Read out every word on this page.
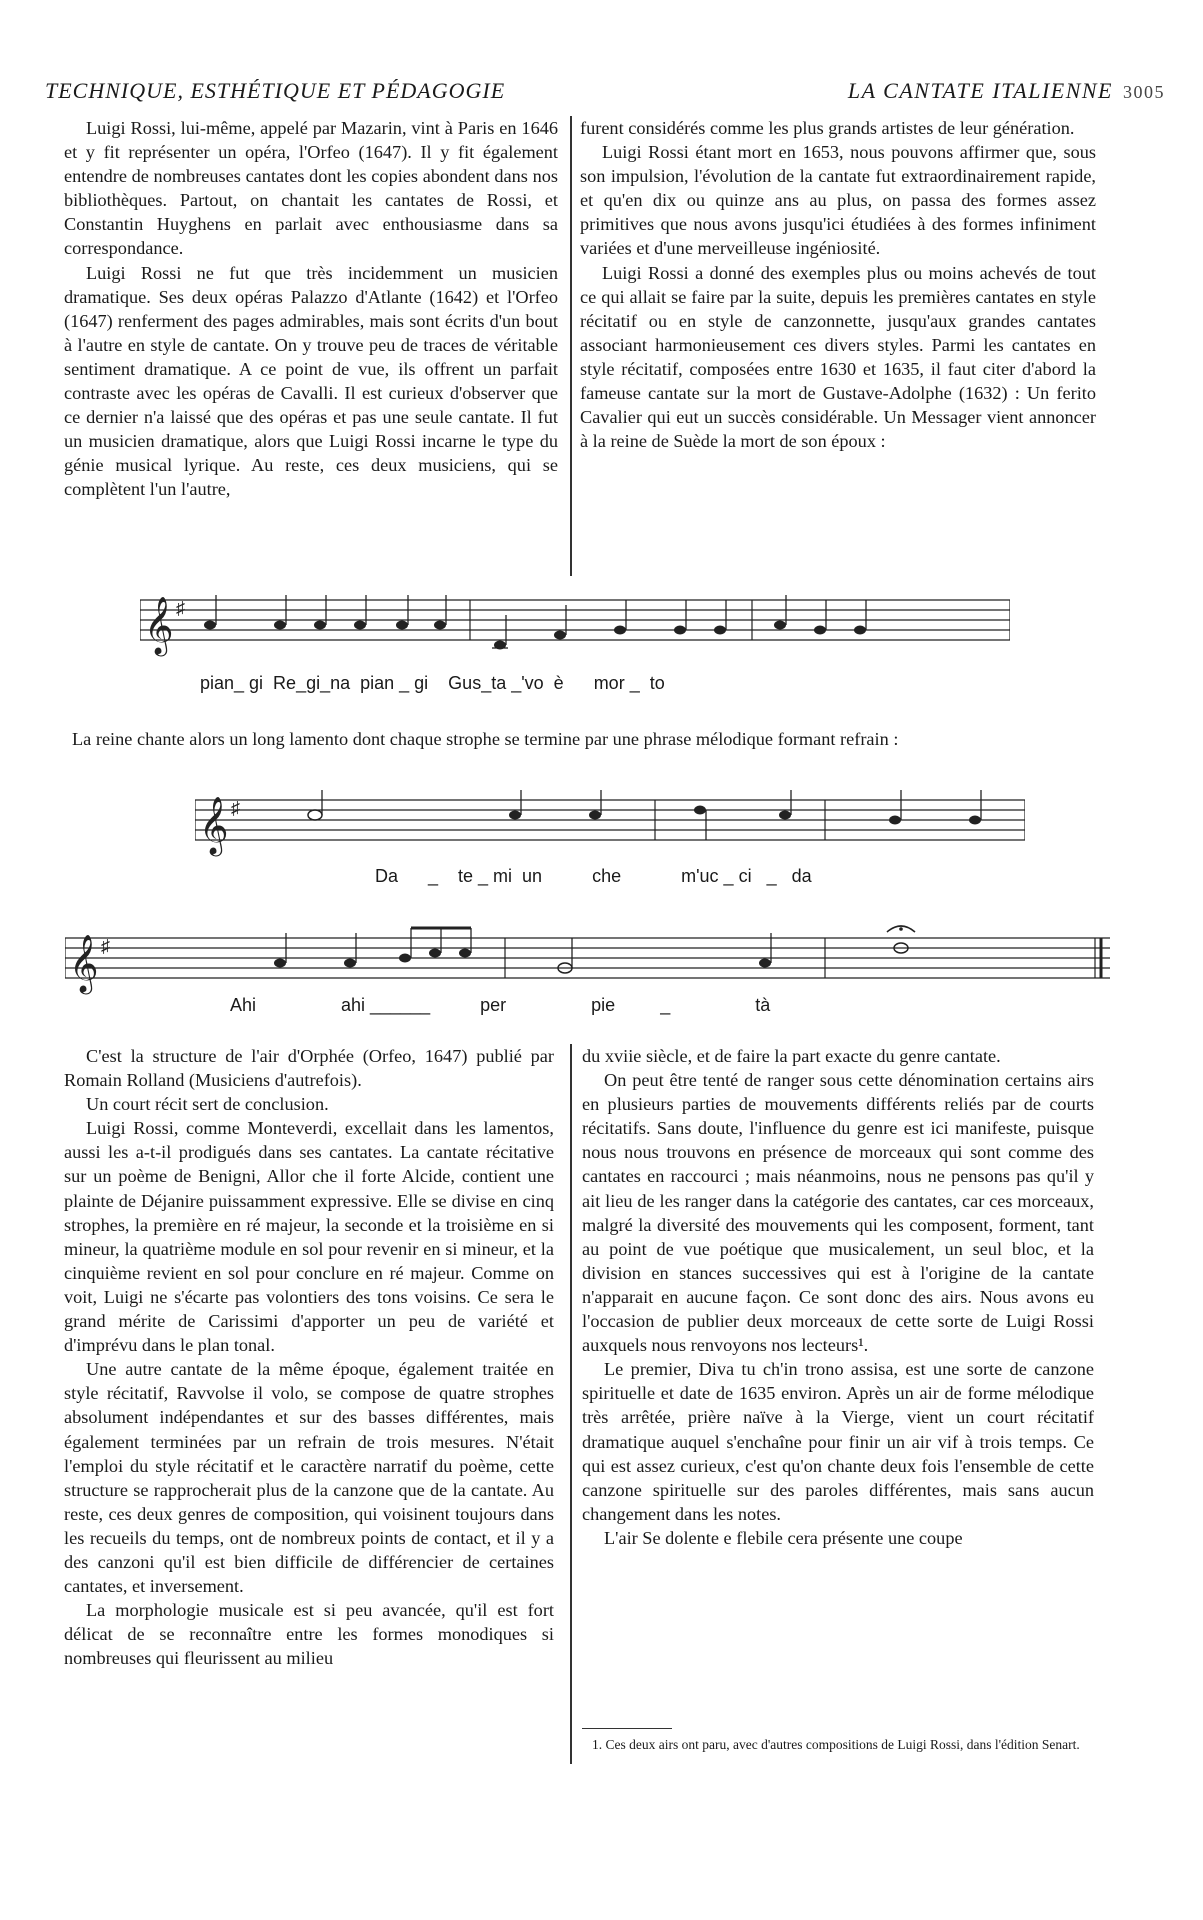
TECHNIQUE, ESTHÉTIQUE ET PÉDAGOGIE	LA CANTATE ITALIENNE 3005

Luigi Rossi, lui-même, appelé par Mazarin, vint à Paris en 1646 et y fit représenter un opéra, l'Orfeo (1647). Il y fit également entendre de nombreuses cantates dont les copies abondent dans nos bibliothèques. Partout, on chantait les cantates de Rossi, et Constantin Huyghens en parlait avec enthousiasme dans sa correspondance.

Luigi Rossi ne fut que très incidemment un musicien dramatique. Ses deux opéras Palazzo d'Atlante (1642) et l'Orfeo (1647) renferment des pages admirables, mais sont écrits d'un bout à l'autre en style de cantate. On y trouve peu de traces de véritable sentiment dramatique. A ce point de vue, ils offrent un parfait contraste avec les opéras de Cavalli. Il est curieux d'observer que ce dernier n'a laissé que des opéras et pas une seule cantate. Il fut un musicien dramatique, alors que Luigi Rossi incarne le type du génie musical lyrique. Au reste, ces deux musiciens, qui se complètent l'un l'autre,

furent considérés comme les plus grands artistes de leur génération.

Luigi Rossi étant mort en 1653, nous pouvons affirmer que, sous son impulsion, l'évolution de la cantate fut extraordinairement rapide, et qu'en dix ou quinze ans au plus, on passa des formes assez primitives que nous avons jusqu'ici étudiées à des formes infiniment variées et d'une merveilleuse ingéniosité.

Luigi Rossi a donné des exemples plus ou moins achevés de tout ce qui allait se faire par la suite, depuis les premières cantates en style récitatif ou en style de canzonnette, jusqu'aux grandes cantates associant harmonieusement ces divers styles. Parmi les cantates en style récitatif, composées entre 1630 et 1635, il faut citer d'abord la fameuse cantate sur la mort de Gustave-Adolphe (1632) : Un ferito Cavalier qui eut un succès considérable. Un Messager vient annoncer à la reine de Suède la mort de son époux :

𝄞 ♯
pian_ gi  Re_gi_na  pian _ gi    Gus_ta _'vo  è      mor _  to
La reine chante alors un long lamento dont chaque strophe se termine par une phrase mélodique formant refrain :
𝄞 ♯
Da      _    te _ mi  un          che            m'uc _ ci   _   da
𝄞 ♯
Ahi                 ahi ______          per                 pie         _                 tà

C'est la structure de l'air d'Orphée (Orfeo, 1647) publié par Romain Rolland (Musiciens d'autrefois).

Un court récit sert de conclusion.

Luigi Rossi, comme Monteverdi, excellait dans les lamentos, aussi les a-t-il prodigués dans ses cantates. La cantate récitative sur un poème de Benigni, Allor che il forte Alcide, contient une plainte de Déjanire puissamment expressive. Elle se divise en cinq strophes, la première en ré majeur, la seconde et la troisième en si mineur, la quatrième module en sol pour revenir en si mineur, et la cinquième revient en sol pour conclure en ré majeur. Comme on voit, Luigi ne s'écarte pas volontiers des tons voisins. Ce sera le grand mérite de Carissimi d'apporter un peu de variété et d'imprévu dans le plan tonal.

Une autre cantate de la même époque, également traitée en style récitatif, Ravvolse il volo, se compose de quatre strophes absolument indépendantes et sur des basses différentes, mais également terminées par un refrain de trois mesures. N'était l'emploi du style récitatif et le caractère narratif du poème, cette structure se rapprocherait plus de la canzone que de la cantate. Au reste, ces deux genres de composition, qui voisinent toujours dans les recueils du temps, ont de nombreux points de contact, et il y a des canzoni qu'il est bien difficile de différencier de certaines cantates, et inversement.

La morphologie musicale est si peu avancée, qu'il est fort délicat de se reconnaître entre les formes monodiques si nombreuses qui fleurissent au milieu

du xviie siècle, et de faire la part exacte du genre cantate.

On peut être tenté de ranger sous cette dénomination certains airs en plusieurs parties de mouvements différents reliés par de courts récitatifs. Sans doute, l'influence du genre est ici manifeste, puisque nous nous trouvons en présence de morceaux qui sont comme des cantates en raccourci ; mais néanmoins, nous ne pensons pas qu'il y ait lieu de les ranger dans la catégorie des cantates, car ces morceaux, malgré la diversité des mouvements qui les composent, forment, tant au point de vue poétique que musicalement, un seul bloc, et la division en stances successives qui est à l'origine de la cantate n'apparait en aucune façon. Ce sont donc des airs. Nous avons eu l'occasion de publier deux morceaux de cette sorte de Luigi Rossi auxquels nous renvoyons nos lecteurs¹.

Le premier, Diva tu ch'in trono assisa, est une sorte de canzone spirituelle et date de 1635 environ. Après un air de forme mélodique très arrêtée, prière naïve à la Vierge, vient un court récitatif dramatique auquel s'enchaîne pour finir un air vif à trois temps. Ce qui est assez curieux, c'est qu'on chante deux fois l'ensemble de cette canzone spirituelle sur des paroles différentes, mais sans aucun changement dans les notes.

L'air Se dolente e flebile cera présente une coupe

1. Ces deux airs ont paru, avec d'autres compositions de Luigi Rossi, dans l'édition Senart.
